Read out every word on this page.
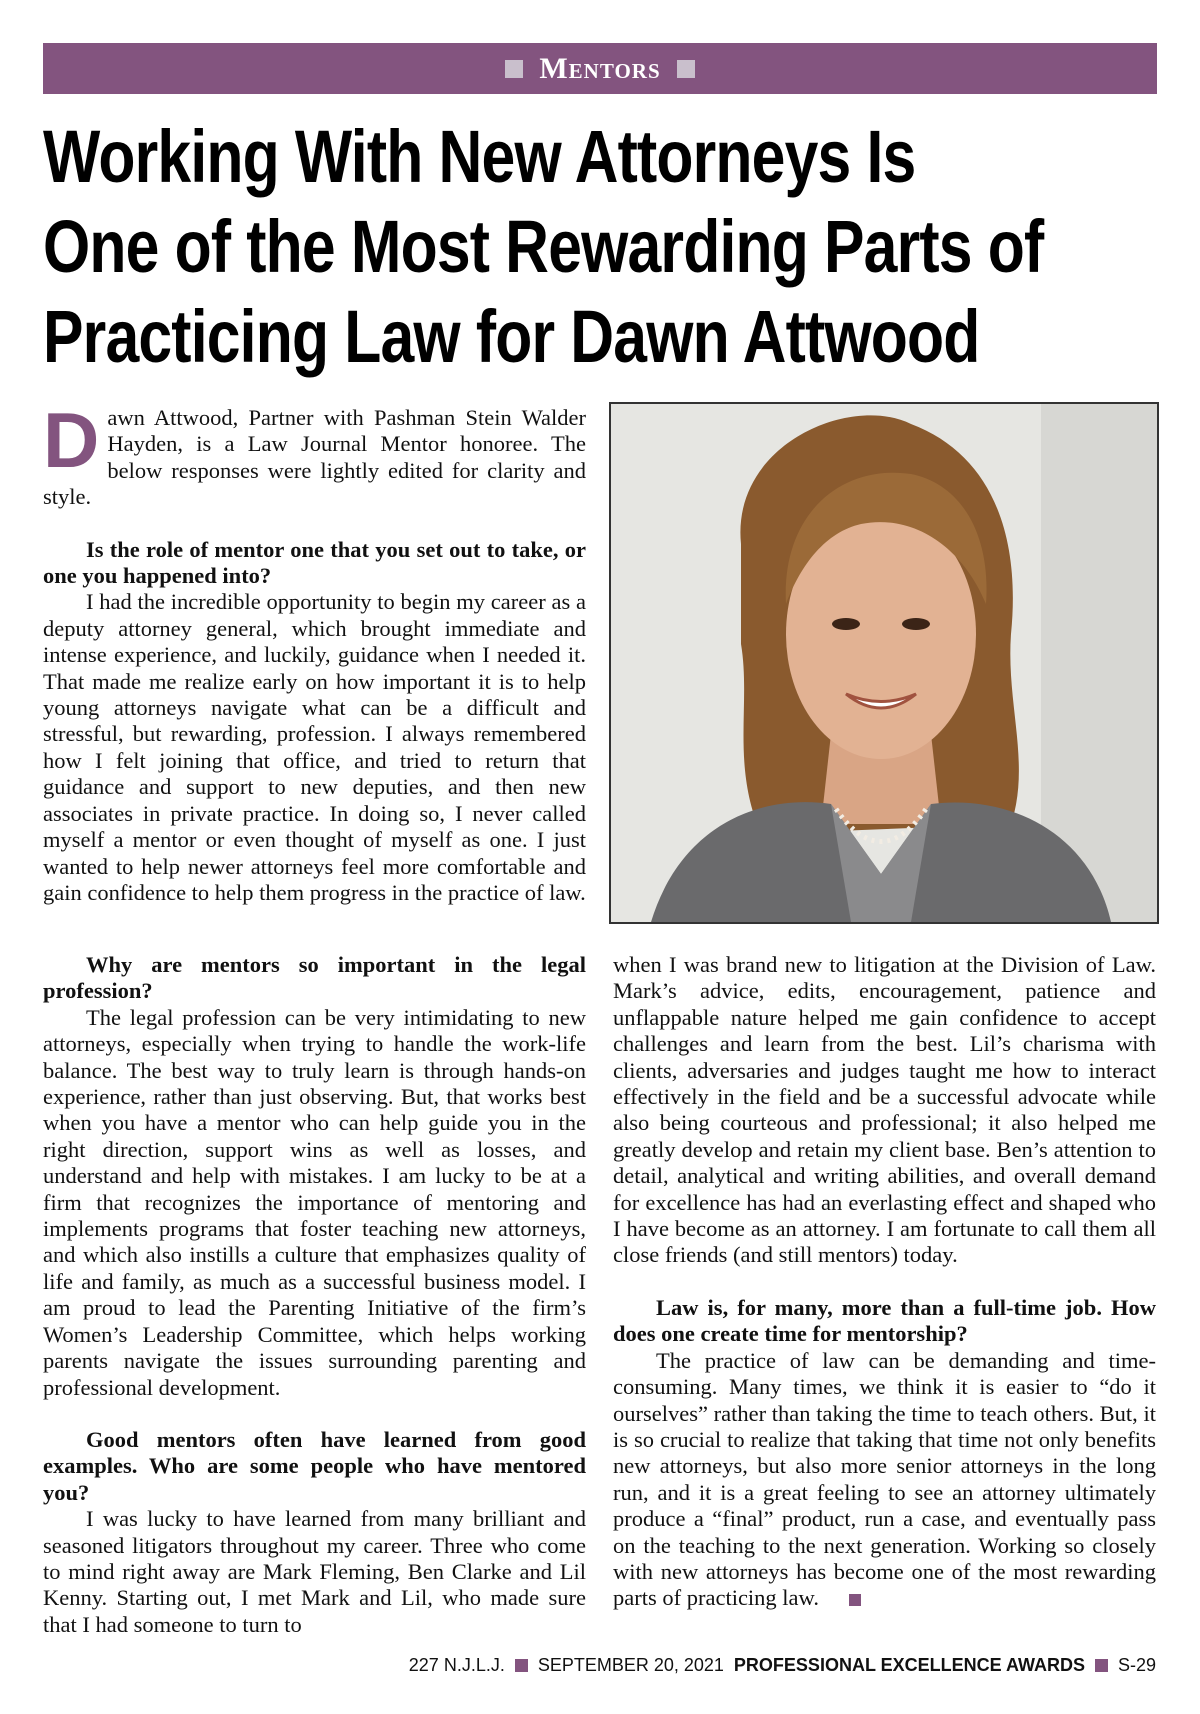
Mentors
Working With New Attorneys Is
One of the Most Rewarding Parts of
Practicing Law for Dawn Attwood

Dawn Attwood, Partner with Pashman Stein Walder Hayden, is a Law Journal Mentor honoree. The below responses were lightly edited for clarity and style.

Is the role of mentor one that you set out to take, or one you happened into?

I had the incredible opportunity to begin my career as a deputy attorney general, which brought immediate and intense experience, and luckily, guidance when I needed it. That made me realize early on how important it is to help young attorneys navigate what can be a difficult and stressful, but rewarding, profession. I always remembered how I felt joining that office, and tried to return that guidance and support to new deputies, and then new associates in private practice. In doing so, I never called myself a mentor or even thought of myself as one. I just wanted to help newer attorneys feel more comfortable and gain confidence to help them progress in the practice of law.

Why are mentors so important in the legal profession?

The legal profession can be very intimidating to new attorneys, especially when trying to handle the work-life balance. The best way to truly learn is through hands-on experience, rather than just observing. But, that works best when you have a mentor who can help guide you in the right direction, support wins as well as losses, and understand and help with mistakes. I am lucky to be at a firm that recognizes the importance of mentoring and implements programs that foster teaching new attorneys, and which also instills a culture that emphasizes quality of life and family, as much as a successful business model. I am proud to lead the Parenting Initiative of the firm’s Women’s Leadership Committee, which helps working parents navigate the issues surrounding parenting and professional development.

Good mentors often have learned from good examples. Who are some people who have mentored you?

I was lucky to have learned from many brilliant and seasoned litigators throughout my career. Three who come to mind right away are Mark Fleming, Ben Clarke and Lil Kenny. Starting out, I met Mark and Lil, who made sure that I had someone to turn to

when I was brand new to litigation at the Division of Law. Mark’s advice, edits, encouragement, patience and unflappable nature helped me gain confidence to accept challenges and learn from the best. Lil’s charisma with clients, adversaries and judges taught me how to interact effectively in the field and be a successful advocate while also being courteous and professional; it also helped me greatly develop and retain my client base. Ben’s attention to detail, analytical and writing abilities, and overall demand for excellence has had an everlasting effect and shaped who I have become as an attorney. I am fortunate to call them all close friends (and still mentors) today.

Law is, for many, more than a full-time job. How does one create time for mentorship?

The practice of law can be demanding and time-consuming. Many times, we think it is easier to “do it ourselves” rather than taking the time to teach others. But, it is so crucial to realize that taking that time not only benefits new attorneys, but also more senior attorneys in the long run, and it is a great feeling to see an attorney ultimately produce a “final” product, run a case, and eventually pass on the teaching to the next generation. Working so closely with new attorneys has become one of the most rewarding parts of practicing law.

227 N.J.L.J. SEPTEMBER 20, 2021 PROFESSIONAL EXCELLENCE AWARDS S-29
